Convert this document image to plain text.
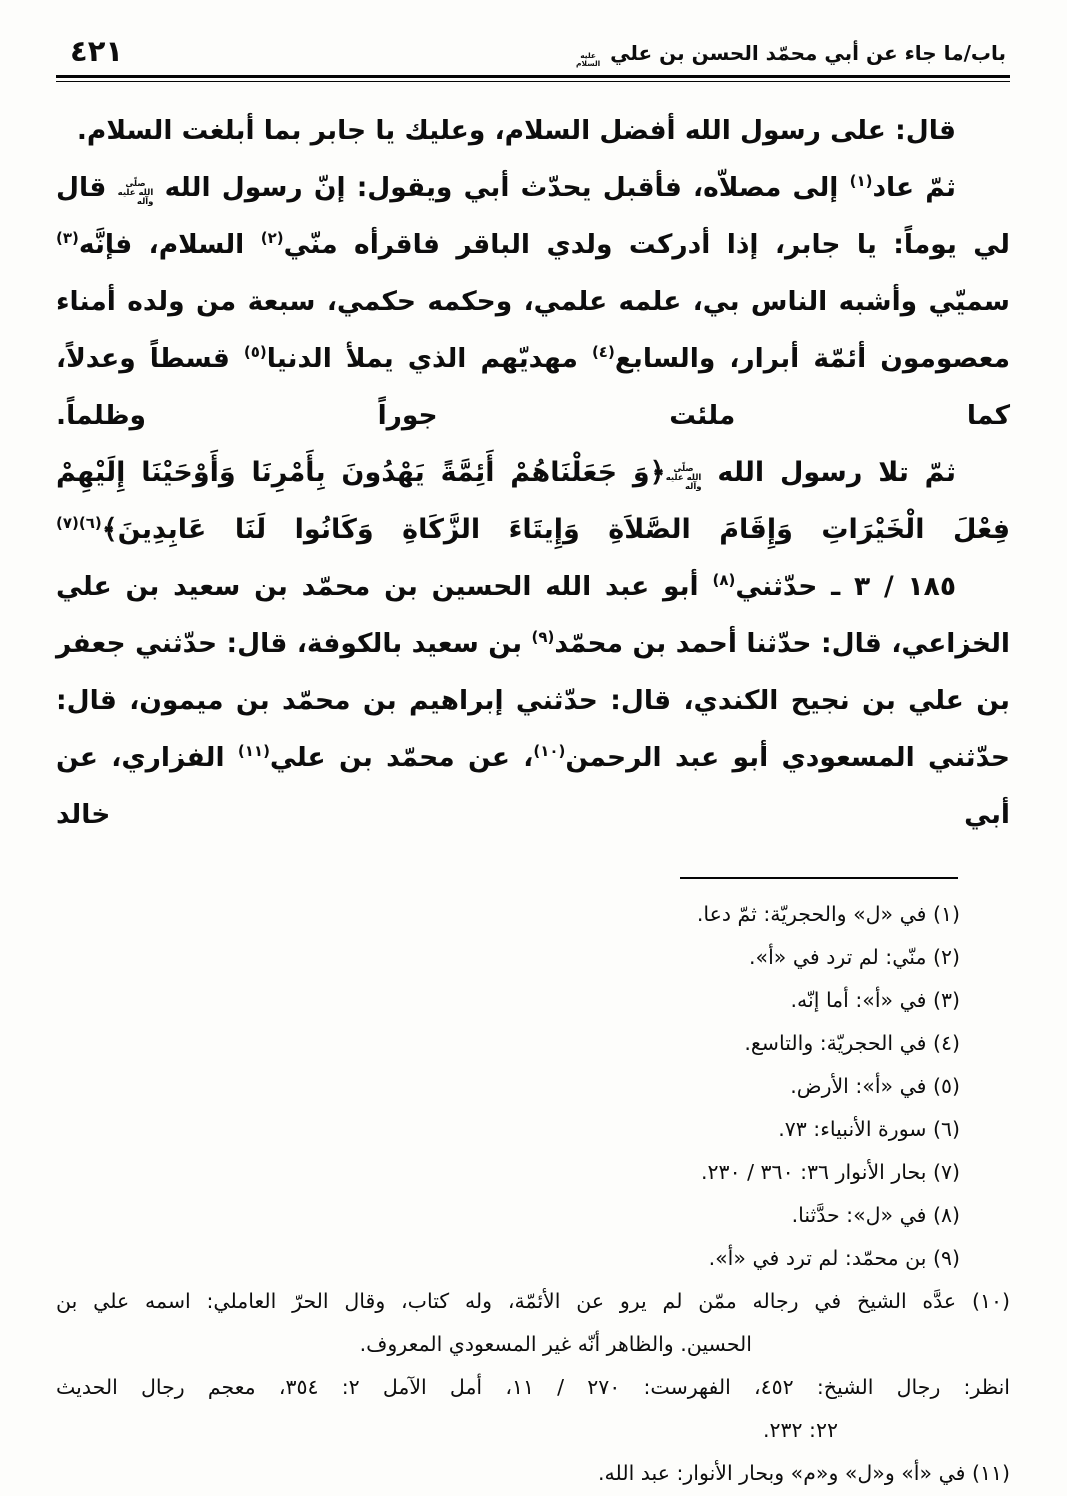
باب/ما جاء عن أبي محمّد الحسن بن علي عليه السلام
٤٢١

قال: على رسول الله أفضل السلام، وعليك يا جابر بما أبلغت السلام.

ثمّ عاد$^{(١)}$ إلى مصلاّه، فأقبل يحدّث أبي ويقول: إنّ رسول الله صلّى الله عليه وآله قال لي يوماً: يا جابر، إذا أدركت ولدي الباقر فاقرأه منّي$^{(٢)}$ السلام، فإنَّه$^{(٣)}$ سميّي وأشبه الناس بي، علمه علمي، وحكمه حكمي، سبعة من ولده أمناء معصومون أئمّة أبرار، والسابع$^{(٤)}$ مهديّهم الذي يملأ الدنيا$^{(٥)}$ قسطاً وعدلاً، كما ملئت جوراً وظلماً.

ثمّ تلا رسول الله صلّى الله عليه وآله﴿وَ جَعَلْنَاهُمْ أَئِمَّةً يَهْدُونَ بِأَمْرِنَا وَأَوْحَيْنَا إِلَيْهِمْ فِعْلَ الْخَيْرَاتِ وَإِقَامَ الصَّلاَةِ وَإِيتَاءَ الزَّكَاةِ وَكَانُوا لَنَا عَابِدِينَ﴾$^{(٦)(٧)}$

١٨٥ / ٣ ـ حدّثني$^{(٨)}$ أبو عبد الله الحسين بن محمّد بن سعيد بن علي الخزاعي، قال: حدّثنا أحمد بن محمّد$^{(٩)}$ بن سعيد بالكوفة، قال: حدّثني جعفر بن علي بن نجيح الكندي، قال: حدّثني إبراهيم بن محمّد بن ميمون، قال: حدّثني المسعودي أبو عبد الرحمن$^{(١٠)}$، عن محمّد بن علي$^{(١١)}$ الفزاري، عن أبي خالد

(١) في «ل» والحجريّة: ثمّ دعا.

(٢) منّي: لم ترد في «أ».

(٣) في «أ»: أما إنّه.

(٤) في الحجريّة: والتاسع.

(٥) في «أ»: الأرض.

(٦) سورة الأنبياء: ٧٣.

(٧) بحار الأنوار ٣٦: ٣٦٠ / ٢٣٠.

(٨) في «ل»: حدَّثنا.

(٩) بن محمّد: لم ترد في «أ».

(١٠) عدَّه الشيخ في رجاله ممّن لم يرو عن الأئمّة، وله كتاب، وقال الحرّ العاملي: اسمه علي بن

الحسين. والظاهر أنّه غير المسعودي المعروف.

انظر: رجال الشيخ: ٤٥٢، الفهرست: ٢٧٠ / ١١، أمل الآمل ٢: ٣٥٤، معجم رجال الحديث

٢٢: ٢٣٢.

(١١) في «أ» و«ل» و«م» وبحار الأنوار: عبد الله.
